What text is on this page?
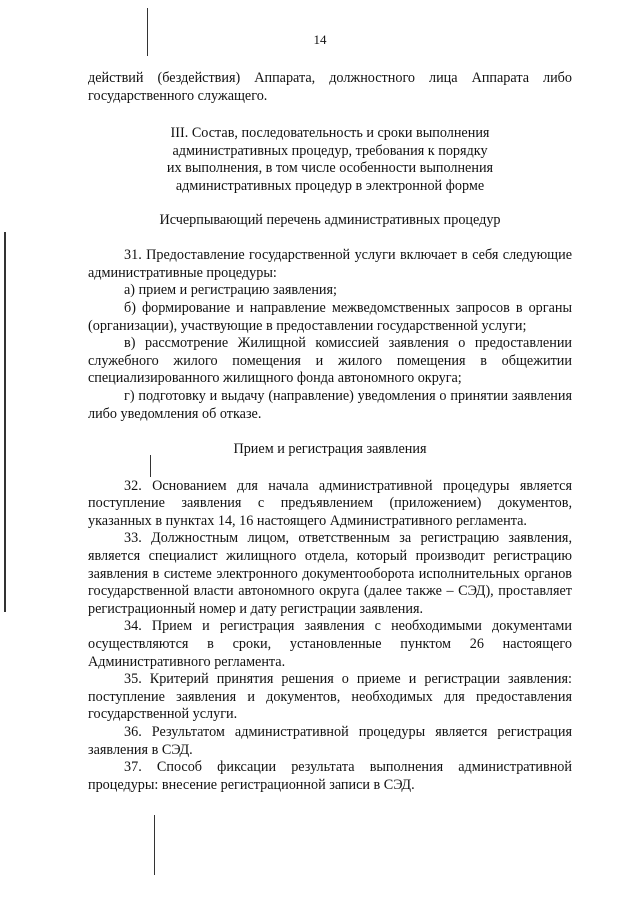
14

действий (бездействия) Аппарата, должностного лица Аппарата либо государственного служащего.

III. Состав, последовательность и сроки выполнения

административных процедур, требования к порядку

их выполнения, в том числе особенности выполнения

административных процедур в электронной форме

Исчерпывающий перечень административных процедур

31. Предоставление государственной услуги включает в себя следующие административные процедуры:

а) прием и регистрацию заявления;

б) формирование и направление межведомственных запросов в органы (организации), участвующие в предоставлении государственной услуги;

в) рассмотрение Жилищной комиссией заявления о предоставлении служебного жилого помещения и жилого помещения в общежитии специализированного жилищного фонда автономного округа;

г) подготовку и выдачу (направление) уведомления о принятии заявления либо уведомления об отказе.

Прием и регистрация заявления

32. Основанием для начала административной процедуры является поступление заявления с предъявлением (приложением) документов, указанных в пунктах 14, 16 настоящего Административного регламента.

33. Должностным лицом, ответственным за регистрацию заявления, является специалист жилищного отдела, который производит регистрацию заявления в системе электронного документооборота исполнительных органов государственной власти автономного округа (далее также – СЭД), проставляет регистрационный номер и дату регистрации заявления.

34. Прием и регистрация заявления с необходимыми документами осуществляются в сроки, установленные пунктом 26 настоящего Административного регламента.

35. Критерий принятия решения о приеме и регистрации заявления: поступление заявления и документов, необходимых для предоставления государственной услуги.

36. Результатом административной процедуры является регистрация заявления в СЭД.

37. Способ фиксации результата выполнения административной процедуры: внесение регистрационной записи в СЭД.
